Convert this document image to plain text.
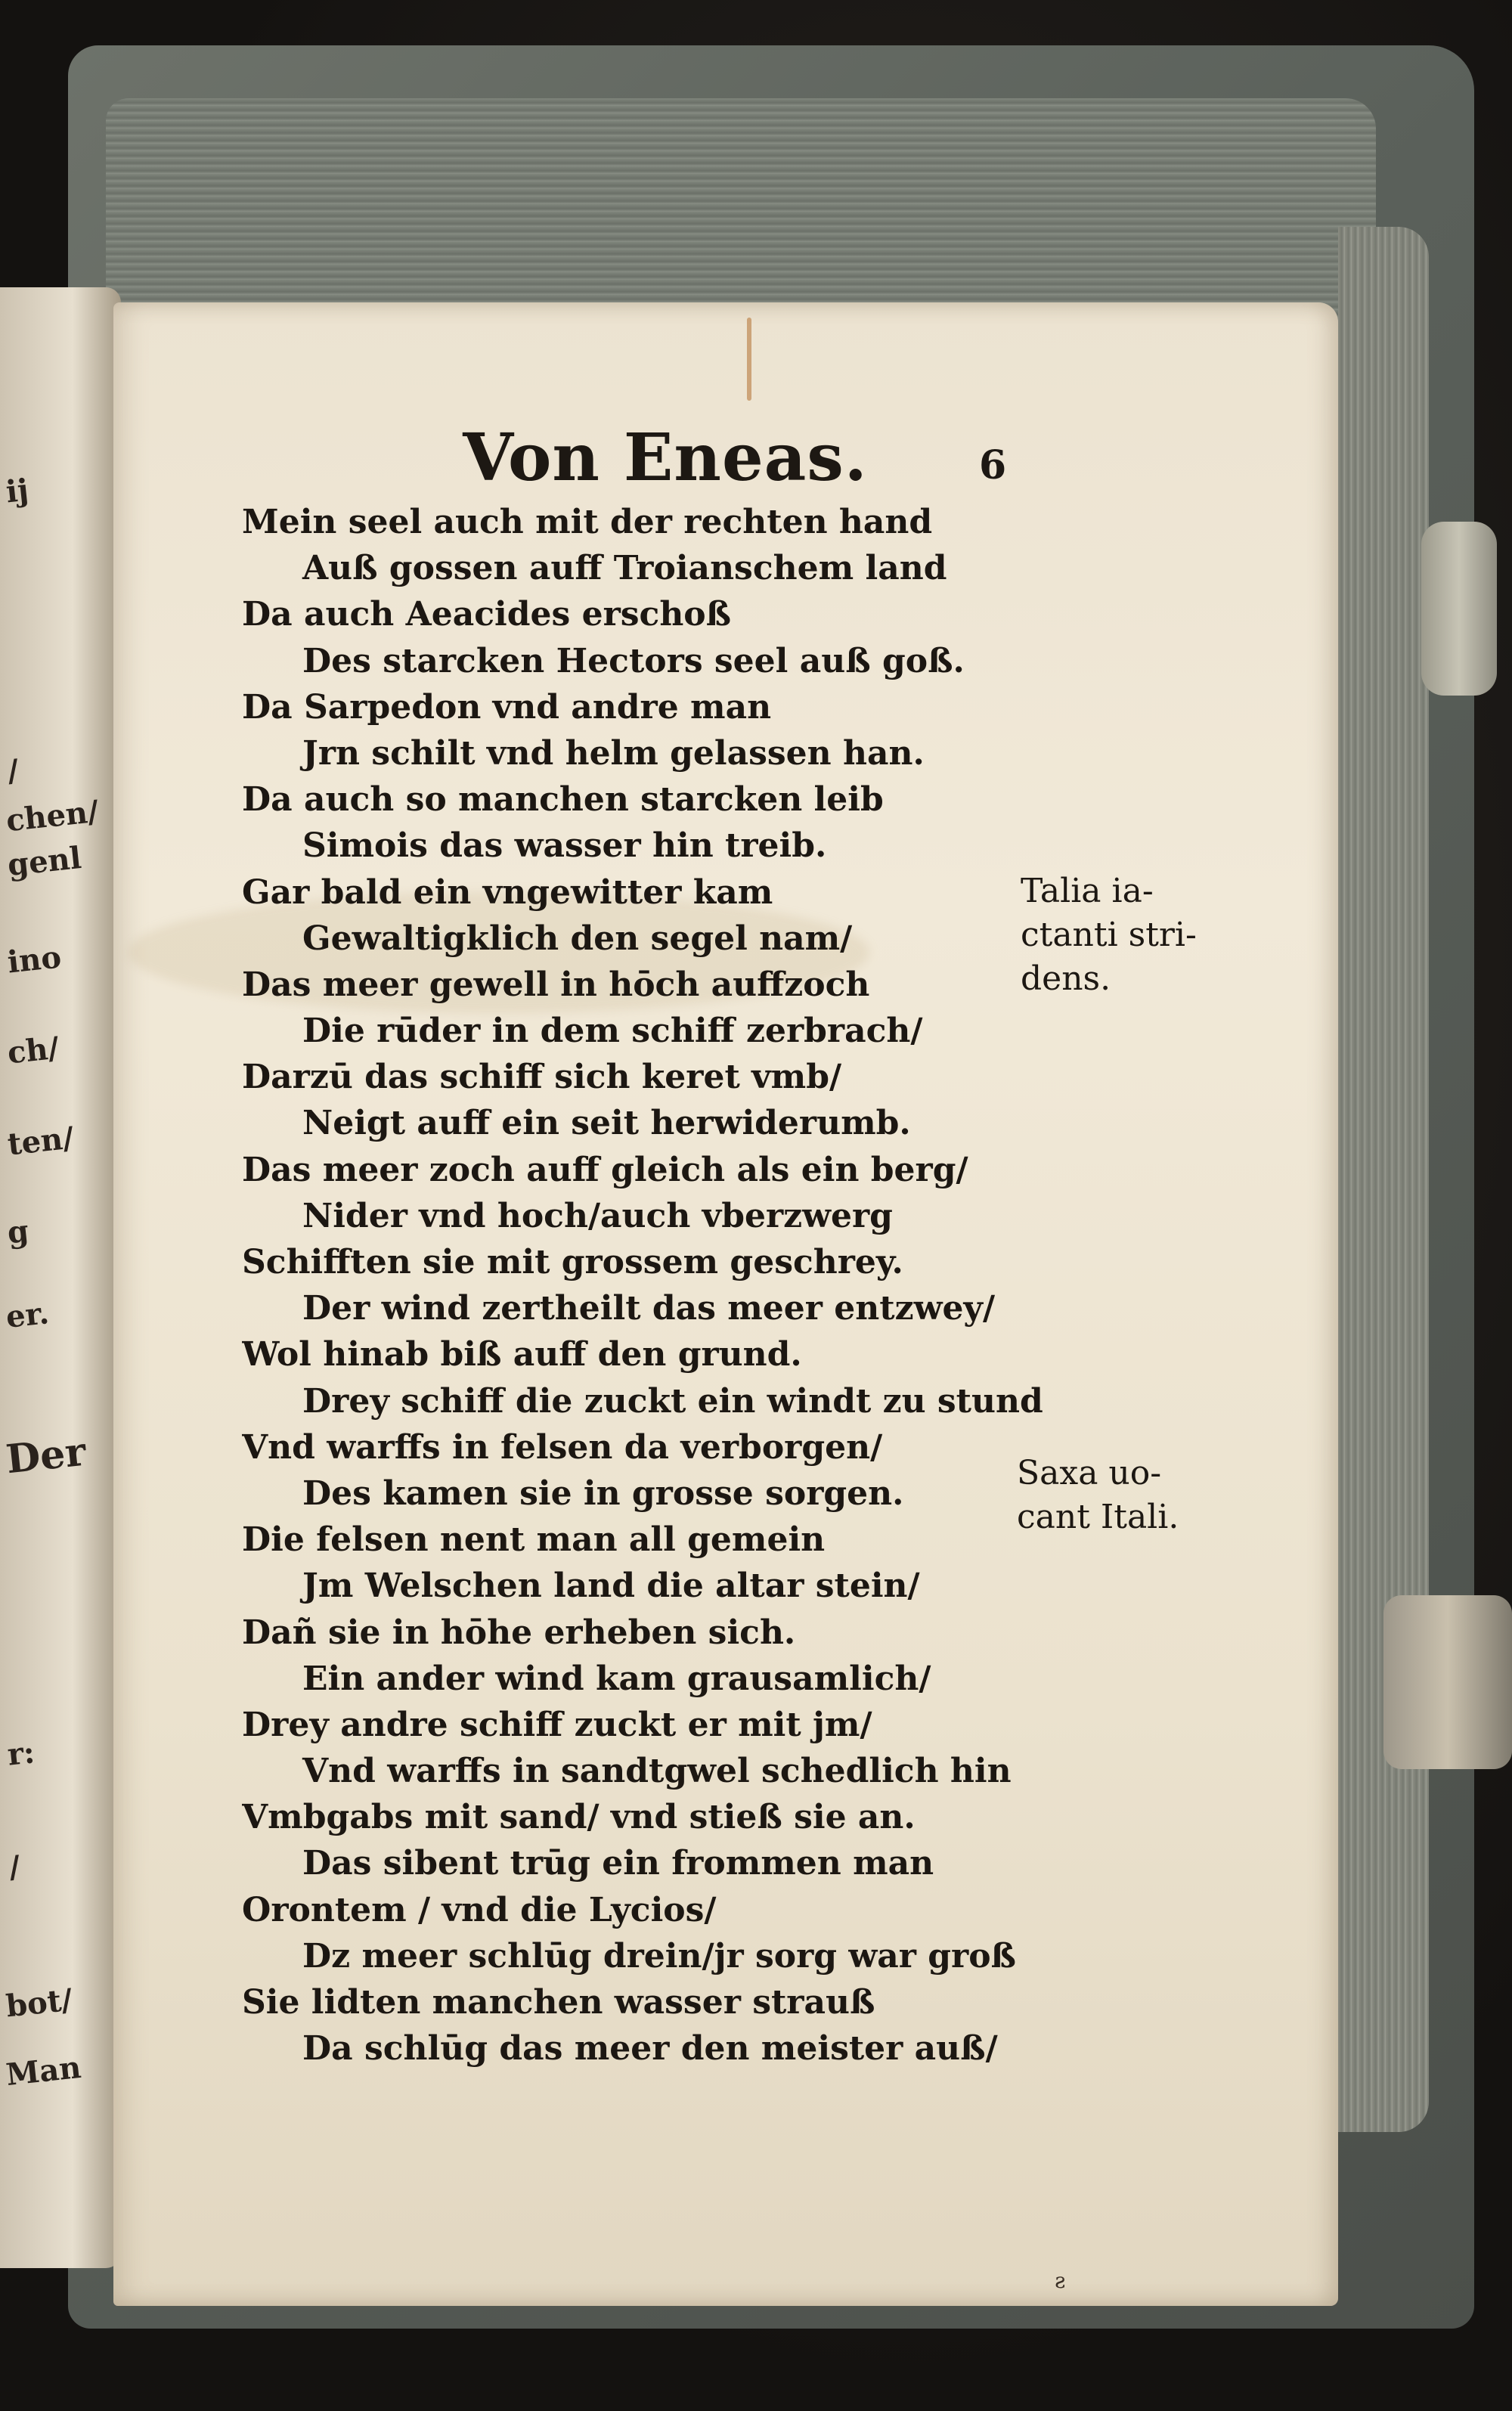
ij
/
chen/
genl
ino
ch/
ten/
g
er.
Der
r:
/
bot/
Man
Von Eneas.	6
Mein seel auch mit der rechten hand
Auß gossen auff Troianschem land
Da auch Aeacides erschoß
Des starcken Hectors seel auß goß.
Da Sarpedon vnd andre man
Jrn schilt vnd helm gelassen han.
Da auch so manchen starcken leib
Simois das wasser hin treib.
Gar bald ein vngewitter kam
Gewaltigklich den segel nam/
Das meer gewell in hōch auffzoch
Die rūder in dem schiff zerbrach/
Darzū das schiff sich keret vmb/
Neigt auff ein seit herwiderumb.
Das meer zoch auff gleich als ein berg/
Nider vnd hoch/auch vberzwerg
Schifften sie mit grossem geschrey.
Der wind zertheilt das meer entzwey/
Wol hinab biß auff den grund.
Drey schiff die zuckt ein windt zu stund
Vnd warffs in felsen da verborgen/
Des kamen sie in grosse sorgen.
Die felsen nent man all gemein
Jm Welschen land die altar stein/
Dañ sie in hōhe erheben sich.
Ein ander wind kam grausamlich/
Drey andre schiff zuckt er mit jm/
Vnd warffs in sandtgwel schedlich hin
Vmbgabs mit sand/ vnd stieß sie an.
Das sibent trūg ein frommen man
Orontem / vnd die Lycios/
Dz meer schlūg drein/jr sorg war groß
Sie lidten manchen wasser strauß
Da schlūg das meer den meister auß/
Talia ia-
ctanti stri-
dens.
Saxa uo-
cant Itali.
ƨ
